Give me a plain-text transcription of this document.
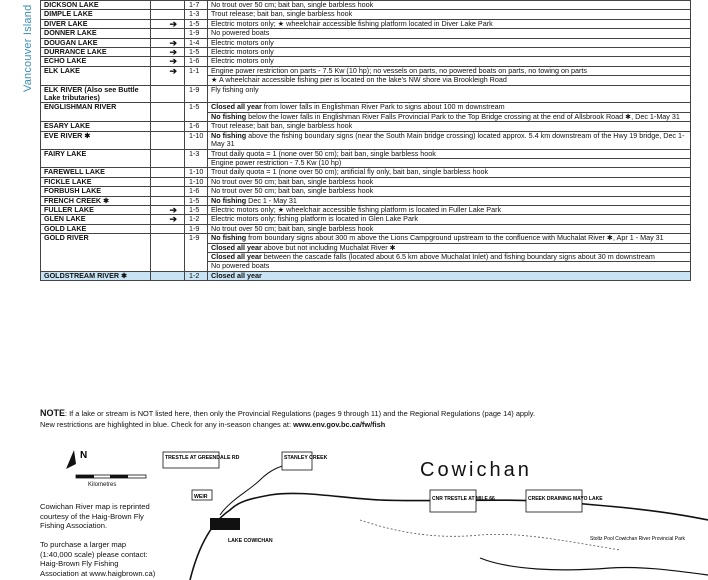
Vancouver Island
DICKSON LAKE		1-7	No trout over 50 cm; bait ban, single barbless hook
DIMPLE LAKE		1-3	Trout release; bait ban, single barbless hook
DIVER LAKE	➔	1-5	Electric motors only; ★ wheelchair accessible fishing platform located in Diver Lake Park
DONNER LAKE		1-9	No powered boats
DOUGAN LAKE	➔	1-4	Electric motors only
DURRANCE LAKE	➔	1-5	Electric motors only
ECHO LAKE	➔	1-6	Electric motors only
ELK LAKE	➔	1-1	Engine power restriction on parts - 7.5 Kw (10 hp); no vessels on parts, no powered boats on parts, no towing on parts
			★ A wheelchair accessible fishing pier is located on the lake's NW shore via Brookleigh Road
ELK RIVER (Also see Buttle Lake tributaries)		1-9	Fly fishing only
ENGLISHMAN RIVER		1-5	Closed all year from lower falls in Englishman River Park to signs about 100 m downstream
			No fishing below the lower falls in Englishman River Falls Provincial Park to the Top Bridge crossing at the end of Allsbrook Road ✱, Dec 1-May 31
ESARY LAKE		1-6	Trout release; bait ban, single barbless hook
EVE RIVER ✱		1-10	No fishing above the fishing boundary signs (near the South Main bridge crossing) located approx. 5.4 km downstream of the Hwy 19 bridge, Dec 1-May 31
FAIRY LAKE		1-3	Trout daily quota = 1 (none over 50 cm); bait ban, single barbless hook
			Engine power restriction - 7.5 Kw (10 hp)
FAREWELL LAKE		1-10	Trout daily quota = 1 (none over 50 cm); artificial fly only, bait ban, single barbless hook
FICKLE LAKE		1-10	No trout over 50 cm; bait ban, single barbless hook
FORBUSH LAKE		1-6	No trout over 50 cm; bait ban, single barbless hook
FRENCH CREEK ✱		1-5	No fishing Dec 1 - May 31
FULLER LAKE	➔	1-5	Electric motors only; ★ wheelchair accessible fishing platform is located in Fuller Lake Park
GLEN LAKE	➔	1-2	Electric motors only; fishing platform is located in Glen Lake Park
GOLD LAKE		1-9	No trout over 50 cm; bait ban, single barbless hook
GOLD RIVER		1-9	No fishing from boundary signs about 300 m above the Lions Campground upstream to the confluence with Muchalat River ✱, Apr 1 - May 31
			Closed all year above but not including Muchalat River ✱
			Closed all year between the cascade falls (located about 6.5 km above Muchalat Inlet) and fishing boundary signs about 30 m downstream
			No powered boats
GOLDSTREAM RIVER ✱		1-2	Closed all year
NOTE: If a lake or stream is NOT listed here, then only the Provincial Regulations (pages 9 through 11) and the Regional Regulations (page 14) apply.
New restrictions are highlighted in blue. Check for any in-season changes at: www.env.gov.bc.ca/fw/fish
N
Kilometres
Cowichan River map is reprinted courtesy of the Haig-Brown Fly Fishing Association.
To purchase a larger map (1:40,000 scale) please contact: Haig-Brown Fly Fishing Association at www.haigbrown.ca)
Cowichan
TRESTLE AT GREENDALE RD	STANLEY CREEK
WEIR
LAKE COWICHAN
CNR TRESTLE AT MILE 66	CREEK DRAINING MAYO LAKE
Stoltz Pool Cowichan River Provincial Park
